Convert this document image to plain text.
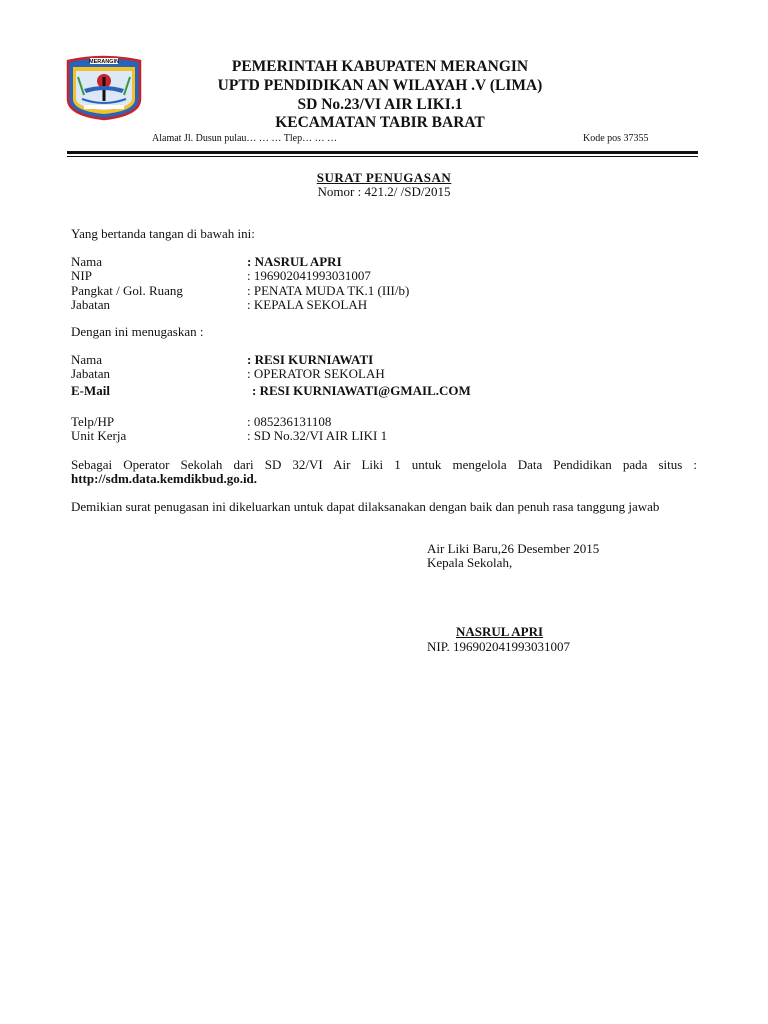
MERANGIN	PEMERINTAH KABUPATEN MERANGIN
UPTD PENDIDIKAN AN WILAYAH .V (LIMA)
SD No.23/VI AIR LIKI.1
KECAMATAN TABIR BARAT
Alamat Jl. Dusun pulau… … … Tlep… … …	Kode pos 37355
SURAT PENUGASAN
Nomor : 421.2/ /SD/2015
Yang bertanda tangan di bawah ini:
Nama	: NASRUL APRI
NIP	: 196902041993031007
Pangkat / Gol. Ruang	: PENATA MUDA TK.1 (III/b)
Jabatan	: KEPALA SEKOLAH
Dengan ini menugaskan :
Nama	: RESI KURNIAWATI
Jabatan	: OPERATOR SEKOLAH
E-Mail	: RESI KURNIAWATI@GMAIL.COM
Telp/HP	: 085236131108
Unit Kerja	: SD No.32/VI AIR LIKI 1
Sebagai Operator Sekolah dari SD 32/VI Air Liki 1 untuk mengelola Data Pendidikan pada situs :
http://sdm.data.kemdikbud.go.id.
Demikian surat penugasan ini dikeluarkan untuk dapat dilaksanakan dengan baik dan penuh rasa tanggung jawab
Air Liki Baru,26 Desember 2015
Kepala Sekolah,
NASRUL APRI
NIP. 196902041993031007
